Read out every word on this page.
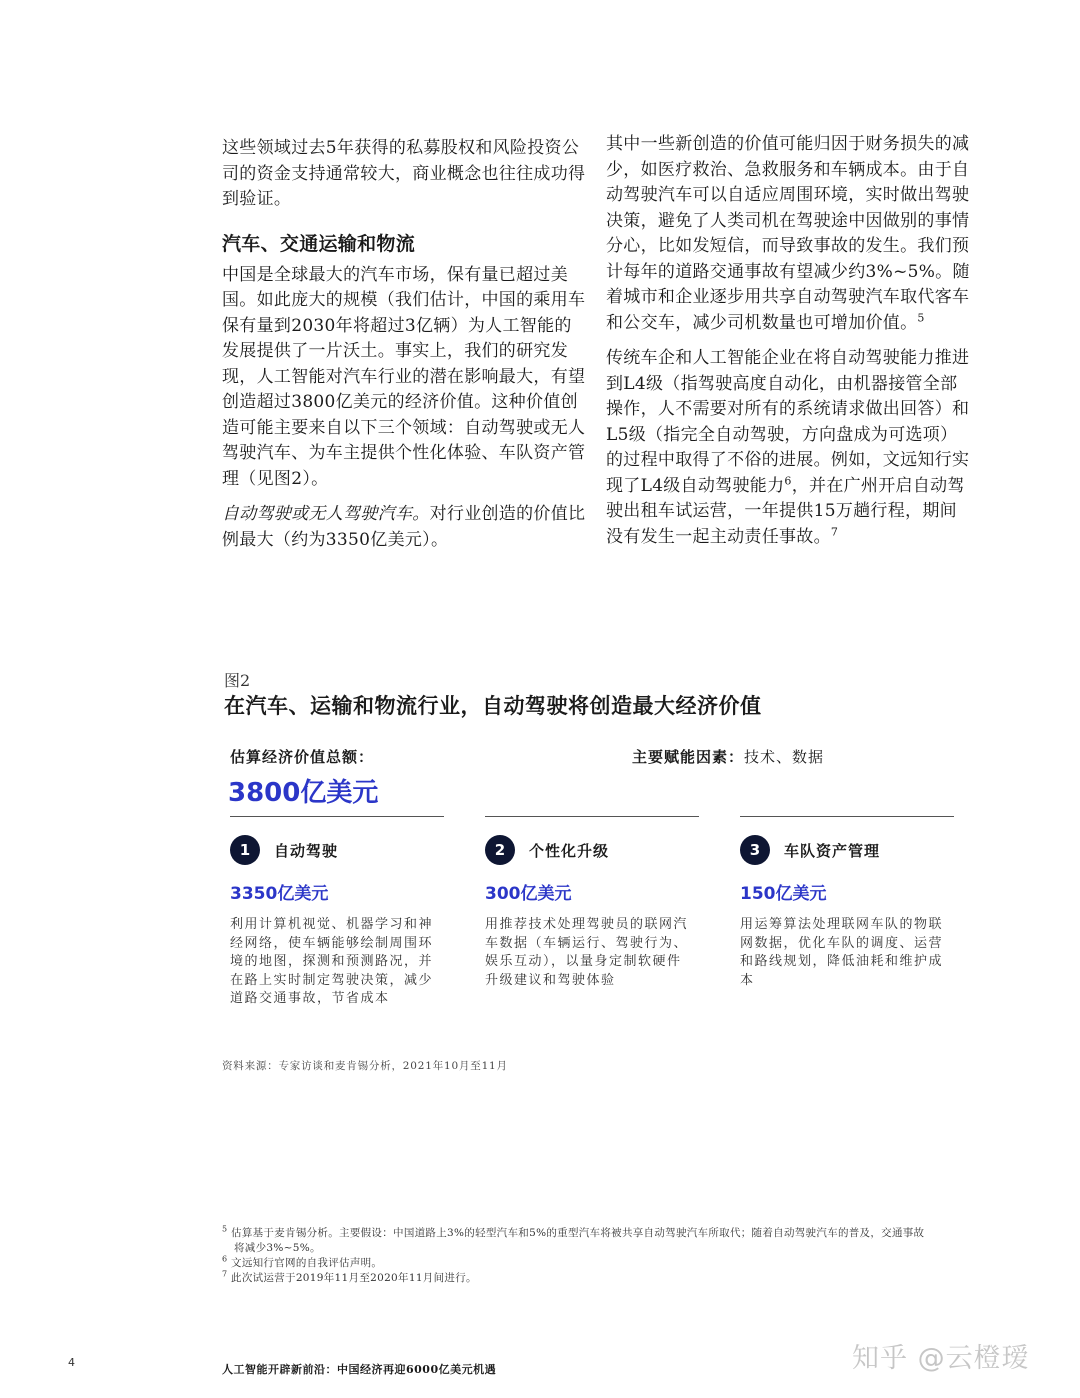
这些领域过去5年获得的私募股权和风险投资公司的资金支持通常较大，商业概念也往往成功得到验证。

汽车、交通运输和物流

中国是全球最大的汽车市场，保有量已超过美国。如此庞大的规模（我们估计，中国的乘用车保有量到2030年将超过3亿辆）为人工智能的发展提供了一片沃土。事实上，我们的研究发现，人工智能对汽车行业的潜在影响最大，有望创造超过3800亿美元的经济价值。这种价值创造可能主要来自以下三个领域：自动驾驶或无人驾驶汽车、为车主提供个性化体验、车队资产管理（见图2）。

自动驾驶或无人驾驶汽车。对行业创造的价值比例最大（约为3350亿美元）。

其中一些新创造的价值可能归因于财务损失的减少，如医疗救治、急救服务和车辆成本。由于自动驾驶汽车可以自适应周围环境，实时做出驾驶决策，避免了人类司机在驾驶途中因做别的事情分心，比如发短信，而导致事故的发生。我们预计每年的道路交通事故有望减少约3%~5%。随着城市和企业逐步用共享自动驾驶汽车取代客车和公交车，减少司机数量也可增加价值。$^5$

传统车企和人工智能企业在将自动驾驶能力推进到L4级（指驾驶高度自动化，由机器接管全部操作，人不需要对所有的系统请求做出回答）和L5级（指完全自动驾驶，方向盘成为可选项）的过程中取得了不俗的进展。例如，文远知行实现了L4级自动驾驶能力$^6$，并在广州开启自动驾驶出租车试运营，一年提供15万趟行程，期间没有发生一起主动责任事故。$^7$

图2
在汽车、运输和物流行业，自动驾驶将创造最大经济价值
估算经济价值总额：
3800亿美元
主要赋能因素：技术、数据
1	自动驾驶
3350亿美元
利用计算机视觉、机器学习和神经网络，使车辆能够绘制周围环境的地图，探测和预测路况，并在路上实时制定驾驶决策，减少道路交通事故，节省成本
2	个性化升级
300亿美元
用推荐技术处理驾驶员的联网汽车数据（车辆运行、驾驶行为、娱乐互动），以量身定制软硬件升级建议和驾驶体验
3	车队资产管理
150亿美元
用运筹算法处理联网车队的物联网数据，优化车队的调度、运营和路线规划，降低油耗和维护成本
资料来源：专家访谈和麦肯锡分析，2021年10月至11月

$^5$ 估算基于麦肯锡分析。主要假设：中国道路上3%的轻型汽车和5%的重型汽车将被共享自动驾驶汽车所取代；随着自动驾驶汽车的普及，交通事故

将减少3%~5%。

$^6$ 文远知行官网的自我评估声明。

$^7$ 此次试运营于2019年11月至2020年11月间进行。

4
人工智能开辟新前沿：中国经济再迎6000亿美元机遇	知乎 @云橙瑷
